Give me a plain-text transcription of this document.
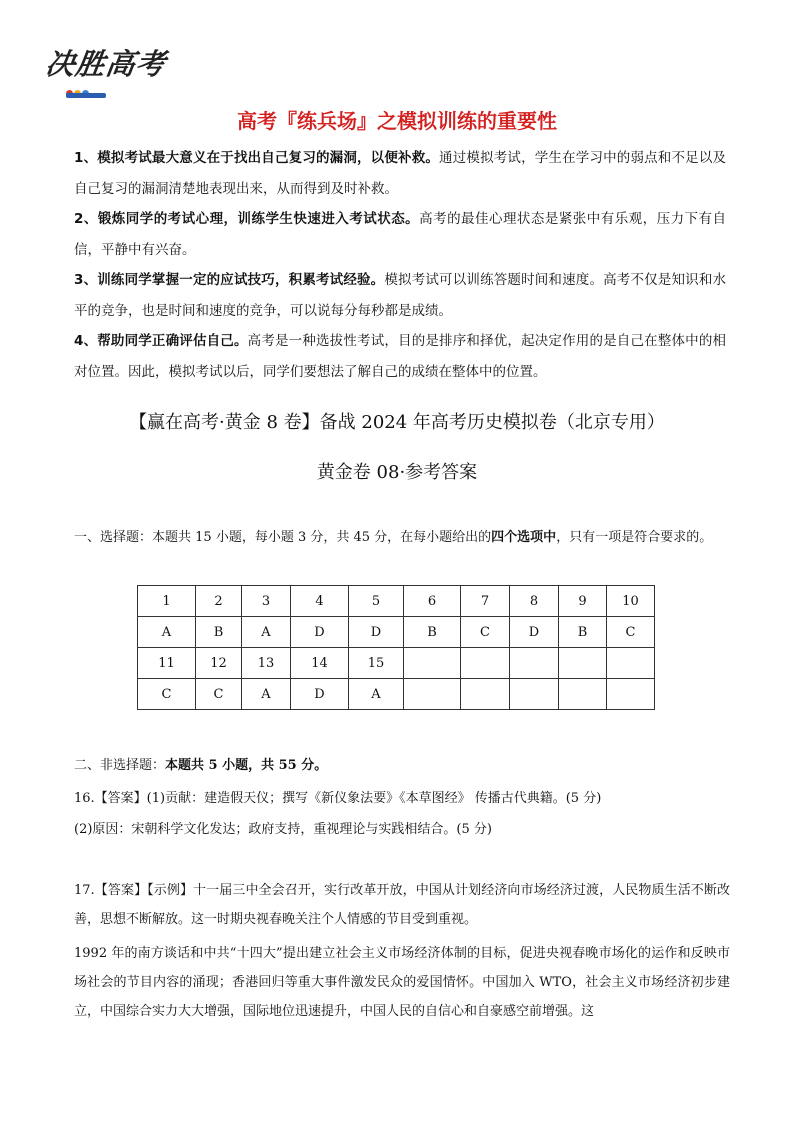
决胜高考
高考『练兵场』之模拟训练的重要性
1、模拟考试最大意义在于找出自己复习的漏洞，以便补救。通过模拟考试，学生在学习中的弱点和不足以及自己复习的漏洞清楚地表现出来，从而得到及时补救。
2、锻炼同学的考试心理，训练学生快速进入考试状态。高考的最佳心理状态是紧张中有乐观，压力下有自信，平静中有兴奋。
3、训练同学掌握一定的应试技巧，积累考试经验。模拟考试可以训练答题时间和速度。高考不仅是知识和水平的竞争，也是时间和速度的竞争，可以说每分每秒都是成绩。
4、帮助同学正确评估自己。高考是一种选拔性考试，目的是排序和择优，起决定作用的是自己在整体中的相对位置。因此，模拟考试以后，同学们要想法了解自己的成绩在整体中的位置。
【赢在高考·黄金 8 卷】备战 2024 年高考历史模拟卷（北京专用）
黄金卷 08·参考答案
一、选择题：本题共 15 小题，每小题 3 分，共 45 分，在每小题给出的四个选项中，只有一项是符合要求的。
1	2	3	4	5	6	7	8	9	10
A	B	A	D	D	B	C	D	B	C
11	12	13	14	15					
C	C	A	D	A					
二、非选择题：本题共 5 小题，共 55 分。
16.【答案】(1)贡献：建造假天仪；撰写《新仪象法要》《本草图经》 传播古代典籍。(5 分)
(2)原因：宋朝科学文化发达；政府支持，重视理论与实践相结合。(5 分)
17.【答案】【示例】十一届三中全会召开，实行改革开放，中国从计划经济向市场经济过渡，人民物质生活不断改善，思想不断解放。这一时期央视春晚关注个人情感的节目受到重视。
1992 年的南方谈话和中共“十四大”提出建立社会主义市场经济体制的目标，促进央视春晚市场化的运作和反映市场社会的节目内容的涌现；香港回归等重大事件激发民众的爱国情怀。中国加入 WTO，社会主义市场经济初步建立，中国综合实力大大增强，国际地位迅速提升，中国人民的自信心和自豪感空前增强。这
